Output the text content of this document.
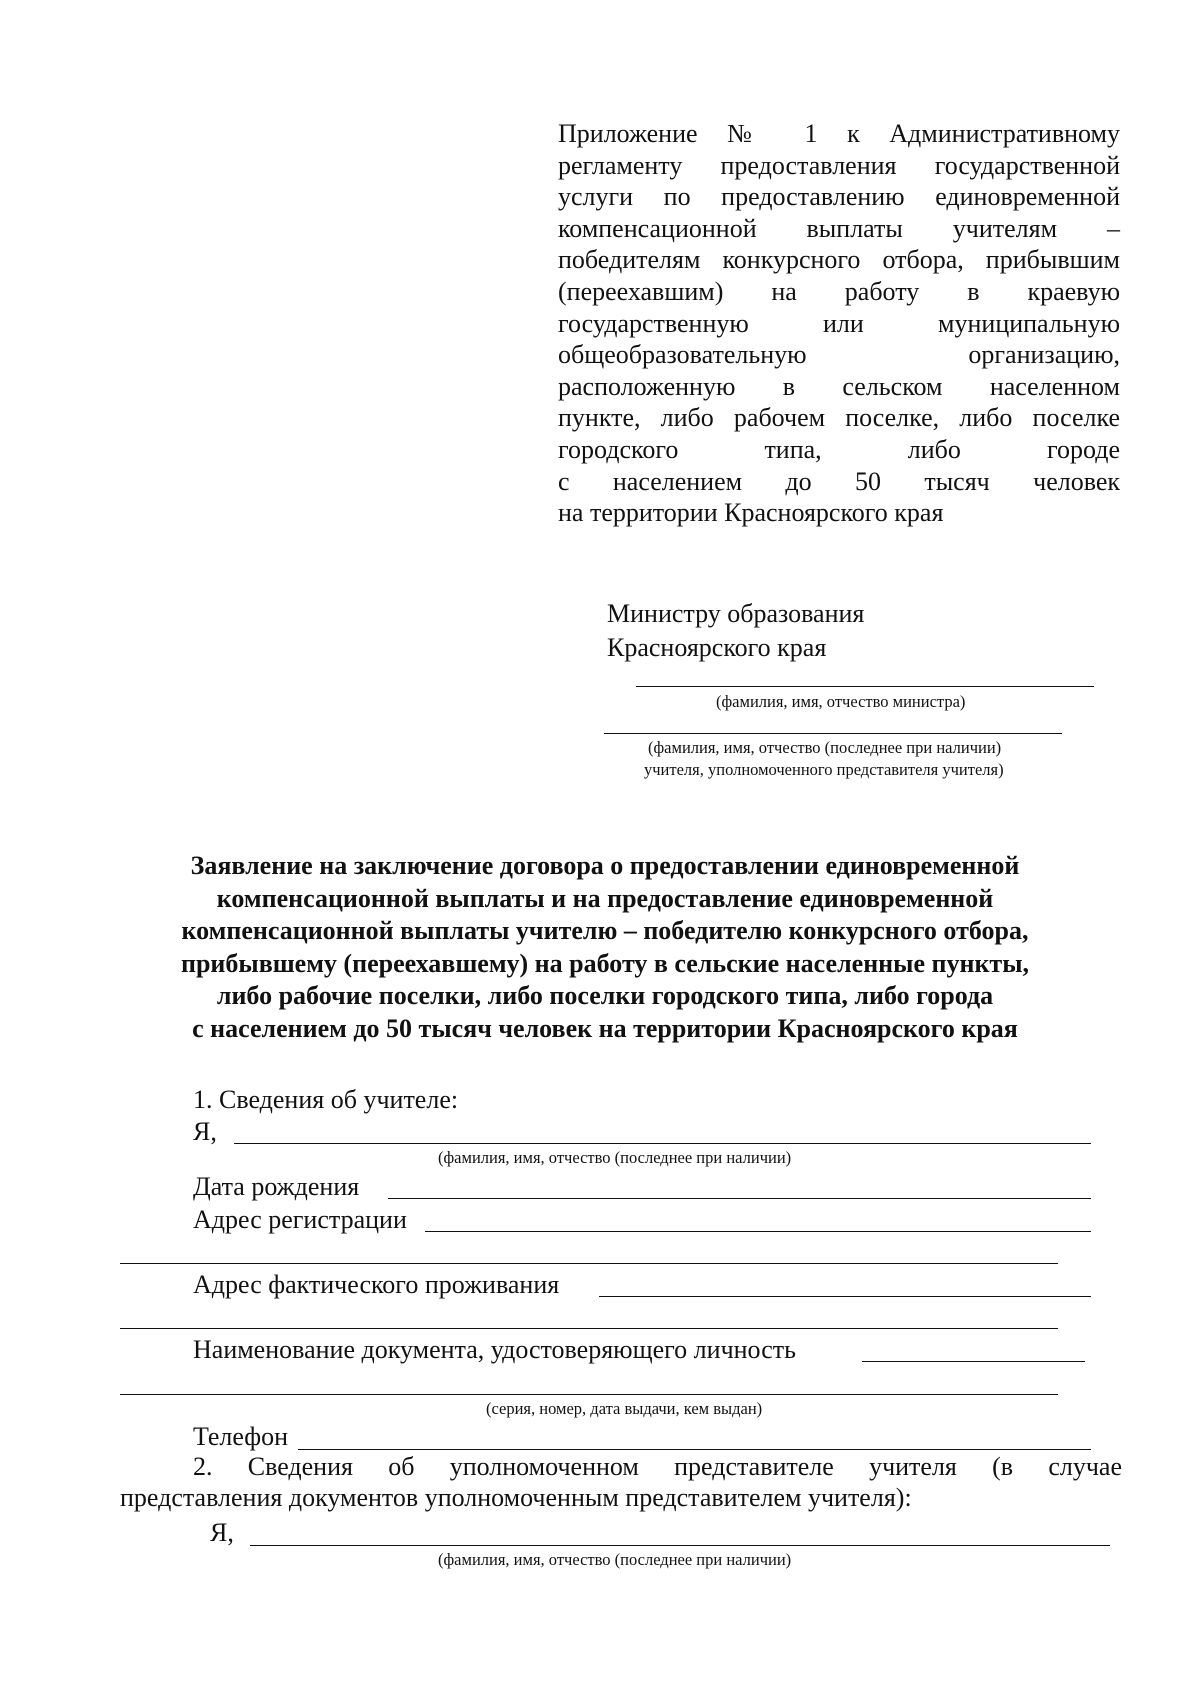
Приложение № 1 к Административному
регламенту предоставления государственной
услуги по предоставлению единовременной
компенсационной выплаты учителям –
победителям конкурсного отбора, прибывшим
(переехавшим) на работу в краевую
государственную или муниципальную
общеобразовательную организацию,
расположенную в сельском населенном
пункте, либо рабочем поселке, либо поселке
городского типа, либо городе
с населением до 50 тысяч человек
на территории Красноярского края
Министру образования
Красноярского края
(фамилия, имя, отчество министра)
(фамилия, имя, отчество (последнее при наличии)
учителя, уполномоченного представителя учителя)
Заявление на заключение договора о предоставлении единовременной
компенсационной выплаты и на предоставление единовременной
компенсационной выплаты учителю – победителю конкурсного отбора,
прибывшему (переехавшему) на работу в сельские населенные пункты,
либо рабочие поселки, либо поселки городского типа, либо города
с населением до 50 тысяч человек на территории Красноярского края
1. Сведения об учителе:
Я,
(фамилия, имя, отчество (последнее при наличии)
Дата рождения
Адрес регистрации
Адрес фактического проживания
Наименование документа, удостоверяющего личность
(серия, номер, дата выдачи, кем выдан)
Телефон
2. Сведения об уполномоченном представителе учителя (в случае
представления документов уполномоченным представителем учителя):
Я,
(фамилия, имя, отчество (последнее при наличии)
